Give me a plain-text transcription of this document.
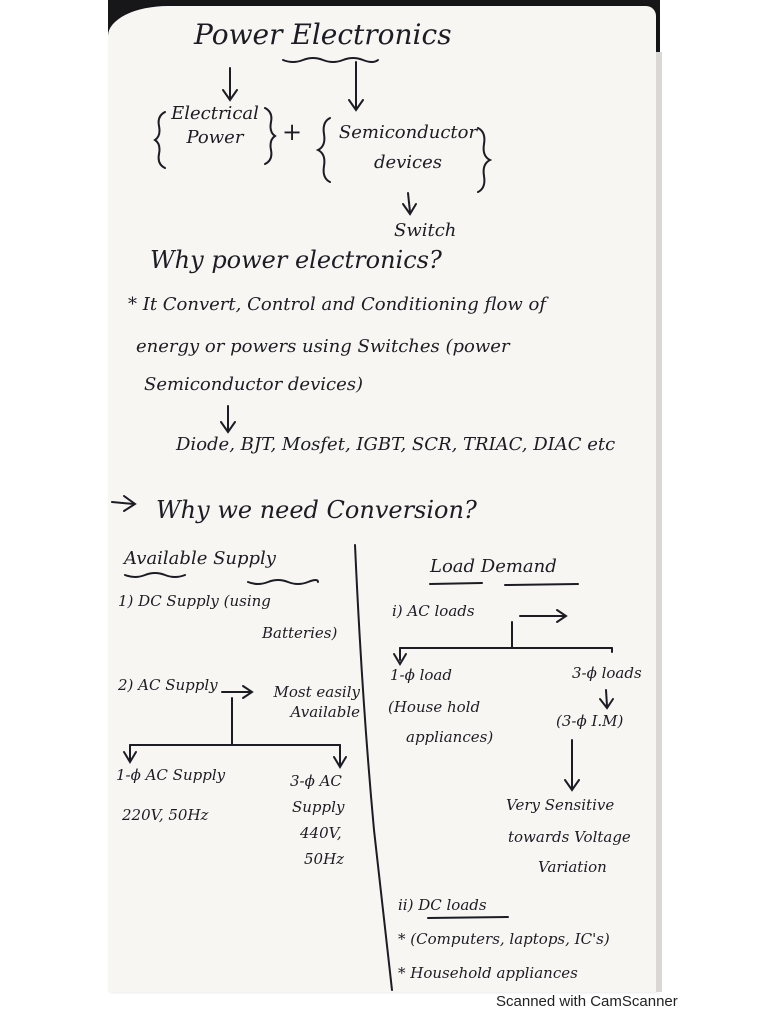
Power Electronics
Electrical Power	+ Semiconductor devices
Switch
Why power electronics?
* It Convert, Control and Conditioning flow of
energy or powers using Switches (power
Semiconductor devices)
Diode, BJT, Mosfet, IGBT, SCR, TRIAC, DIAC etc
Why we need Conversion?
Available Supply
1) DC Supply (using
Batteries)
2) AC Supply	Most easily Available
1-ϕ AC Supply
220V, 50Hz
3-ϕ AC
Supply
440V,
50Hz
Load Demand
i) AC loads
1-ϕ load
(House hold
appliances)
3-ϕ loads
(3-ϕ I.M)
Very Sensitive
towards Voltage
Variation
ii) DC loads
* (Computers, laptops, IC's)
* Household appliances
Scanned with CamScanner
